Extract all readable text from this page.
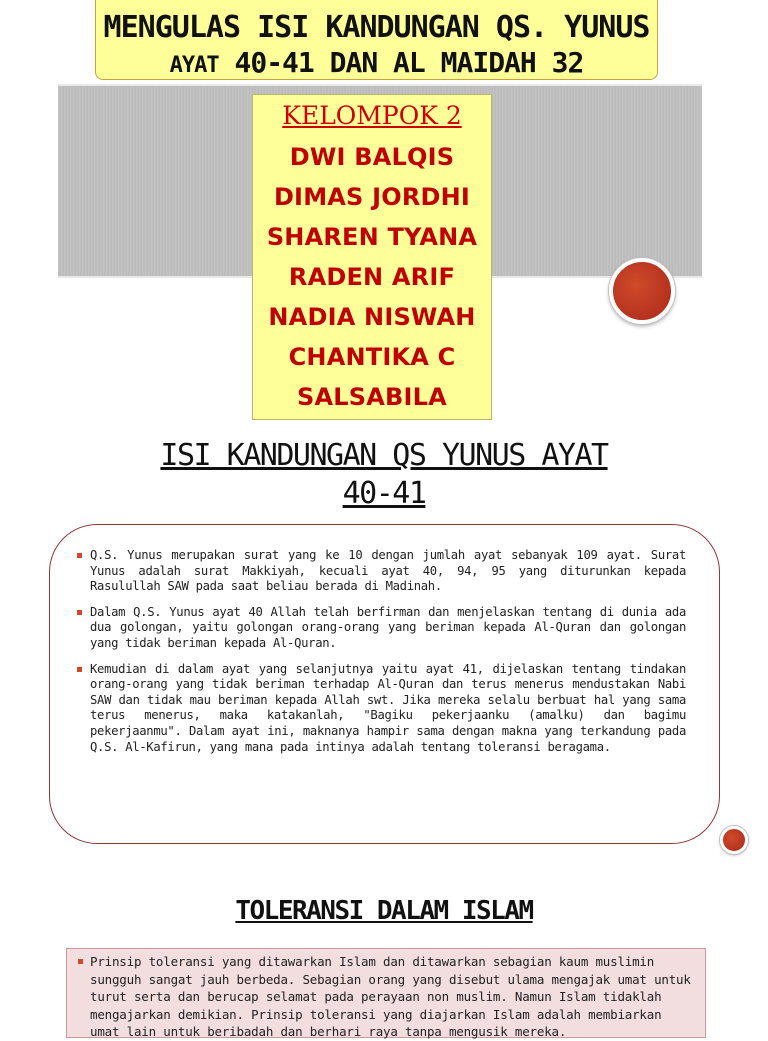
MENGULAS ISI KANDUNGAN QS. YUNUS
AYAT 40-41 DAN AL MAIDAH 32
KELOMPOK 2
DWI BALQIS
DIMAS JORDHI
SHAREN TYANA
RADEN ARIF
NADIA NISWAH
CHANTIKA C
SALSABILA
ISI KANDUNGAN QS YUNUS AYAT
40-41
Q.S. Yunus merupakan surat yang ke 10 dengan jumlah ayat sebanyak 109 ayat. Surat Yunus adalah surat Makkiyah, kecuali ayat 40, 94, 95 yang diturunkan kepada Rasulullah SAW pada saat beliau berada di Madinah.
Dalam Q.S. Yunus ayat 40 Allah telah berfirman dan menjelaskan tentang di dunia ada dua golongan, yaitu golongan orang-orang yang beriman kepada Al-Quran dan golongan yang tidak beriman kepada Al-Quran.
Kemudian di dalam ayat yang selanjutnya yaitu ayat 41, dijelaskan tentang tindakan orang-orang yang tidak beriman terhadap Al-Quran dan terus menerus mendustakan Nabi SAW dan tidak mau beriman kepada Allah swt. Jika mereka selalu berbuat hal yang sama terus menerus, maka katakanlah, "Bagiku pekerjaanku (amalku) dan bagimu pekerjaanmu". Dalam ayat ini, maknanya hampir sama dengan makna yang terkandung pada Q.S. Al-Kafirun, yang mana pada intinya adalah tentang toleransi beragama.
TOLERANSI DALAM ISLAM
Prinsip toleransi yang ditawarkan Islam dan ditawarkan sebagian kaum muslimin sungguh sangat jauh berbeda. Sebagian orang yang disebut ulama mengajak umat untuk turut serta dan berucap selamat pada perayaan non muslim. Namun Islam tidaklah mengajarkan demikian. Prinsip toleransi yang diajarkan Islam adalah membiarkan umat lain untuk beribadah dan berhari raya tanpa mengusik mereka.
